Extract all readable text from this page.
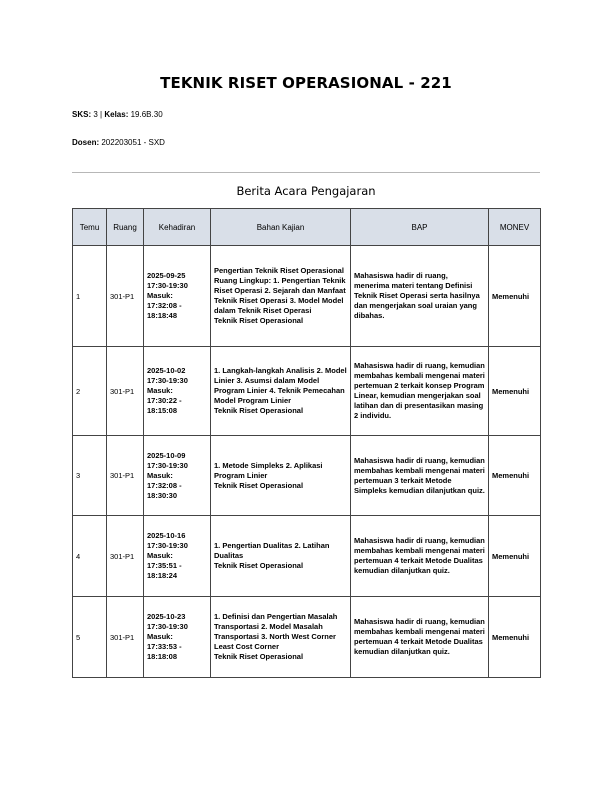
TEKNIK RISET OPERASIONAL - 221
SKS: 3 | Kelas: 19.6B.30
Dosen: 202203051 - SXD
Berita Acara Pengajaran
Temu	Ruang	Kehadiran	Bahan Kajian	BAP	MONEV
1	301-P1	2025-09-25
17:30-19:30
Masuk:
17:32:08 -
18:18:48	Pengertian Teknik Riset Operasional Ruang Lingkup: 1. Pengertian Teknik Riset Operasi 2. Sejarah dan Manfaat Teknik Riset Operasi 3. Model Model dalam Teknik Riset Operasi
Teknik Riset Operasional	Mahasiswa hadir di ruang, menerima materi tentang Definisi Teknik Riset Operasi serta hasilnya dan mengerjakan soal uraian yang dibahas.	Memenuhi
2	301-P1	2025-10-02
17:30-19:30
Masuk:
17:30:22 -
18:15:08	1. Langkah-langkah Analisis 2. Model Linier 3. Asumsi dalam Model Program Linier 4. Teknik Pemecahan Model Program Linier
Teknik Riset Operasional	Mahasiswa hadir di ruang, kemudian membahas kembali mengenai materi pertemuan 2 terkait konsep Program Linear, kemudian mengerjakan soal latihan dan di presentasikan masing 2 individu.	Memenuhi
3	301-P1	2025-10-09
17:30-19:30
Masuk:
17:32:08 -
18:30:30	1. Metode Simpleks 2. Aplikasi Program Linier
Teknik Riset Operasional	Mahasiswa hadir di ruang, kemudian membahas kembali mengenai materi pertemuan 3 terkait Metode Simpleks kemudian dilanjutkan quiz.	Memenuhi
4	301-P1	2025-10-16
17:30-19:30
Masuk:
17:35:51 -
18:18:24	1. Pengertian Dualitas 2. Latihan Dualitas
Teknik Riset Operasional	Mahasiswa hadir di ruang, kemudian membahas kembali mengenai materi pertemuan 4 terkait Metode Dualitas kemudian dilanjutkan quiz.	Memenuhi
5	301-P1	2025-10-23
17:30-19:30
Masuk:
17:33:53 -
18:18:08	1. Definisi dan Pengertian Masalah Transportasi 2. Model Masalah Transportasi 3. North West Corner Least Cost Corner
Teknik Riset Operasional	Mahasiswa hadir di ruang, kemudian membahas kembali mengenai materi pertemuan 4 terkait Metode Dualitas kemudian dilanjutkan quiz.	Memenuhi
